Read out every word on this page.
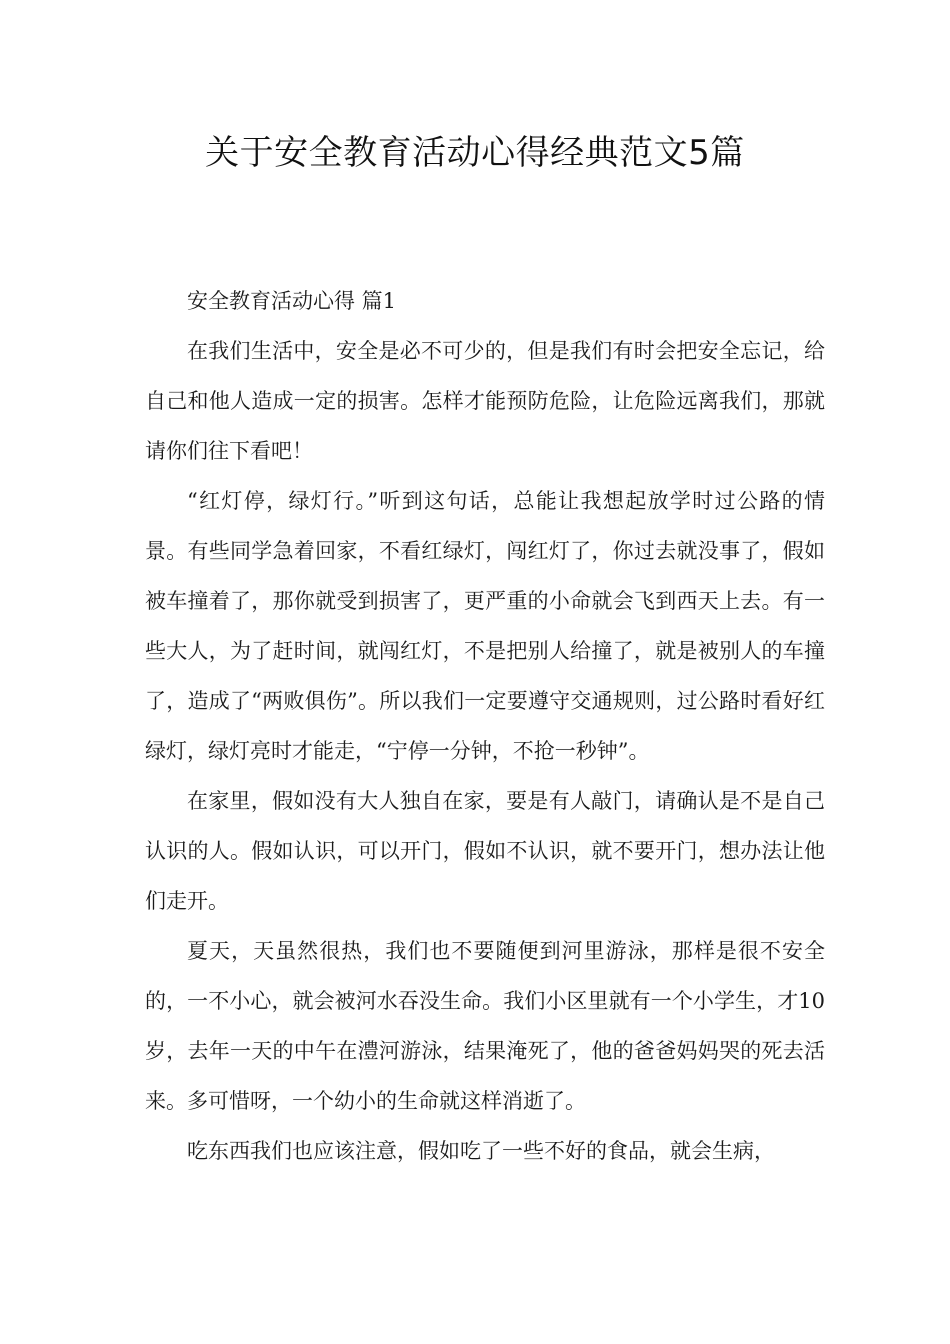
关于安全教育活动心得经典范文5篇

安全教育活动心得 篇1

在我们生活中，安全是必不可少的，但是我们有时会把安全忘记，给自己和他人造成一定的损害。怎样才能预防危险，让危险远离我们，那就请你们往下看吧！

“红灯停，绿灯行。”听到这句话，总能让我想起放学时过公路的情景。有些同学急着回家，不看红绿灯，闯红灯了，你过去就没事了，假如被车撞着了，那你就受到损害了，更严重的小命就会飞到西天上去。有一些大人，为了赶时间，就闯红灯，不是把别人给撞了，就是被别人的车撞了，造成了“两败俱伤”。所以我们一定要遵守交通规则，过公路时看好红绿灯，绿灯亮时才能走，“宁停一分钟，不抢一秒钟”。

在家里，假如没有大人独自在家，要是有人敲门，请确认是不是自己认识的人。假如认识，可以开门，假如不认识，就不要开门，想办法让他们走开。

夏天，天虽然很热，我们也不要随便到河里游泳，那样是很不安全的，一不小心，就会被河水吞没生命。我们小区里就有一个小学生，才10岁，去年一天的中午在澧河游泳，结果淹死了，他的爸爸妈妈哭的死去活来。多可惜呀，一个幼小的生命就这样消逝了。

吃东西我们也应该注意，假如吃了一些不好的食品，就会生病，
